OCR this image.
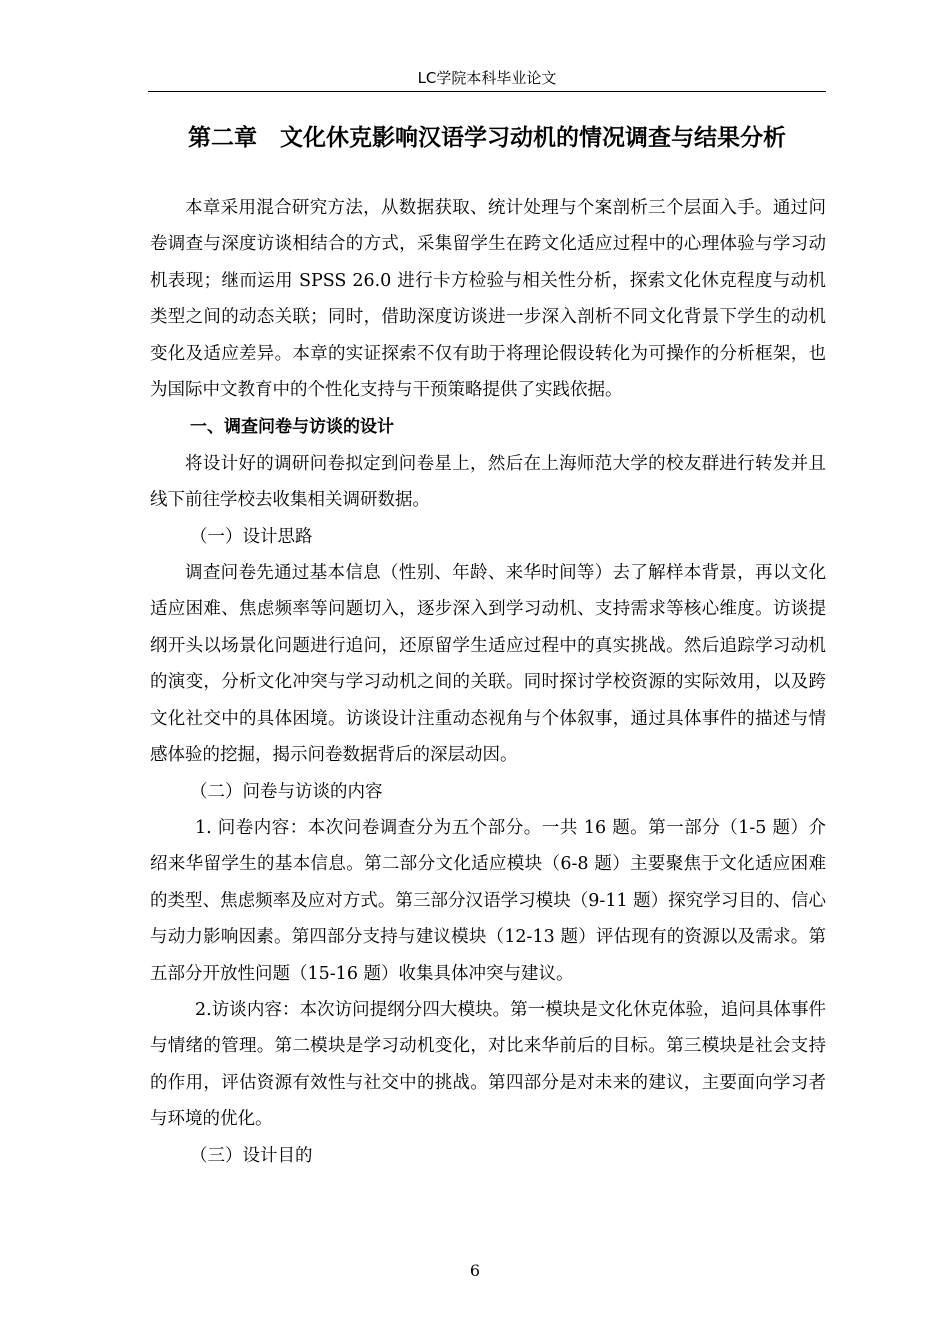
LC学院本科毕业论文
第二章　文化休克影响汉语学习动机的情况调查与结果分析

本章采用混合研究方法，从数据获取、统计处理与个案剖析三个层面入手。通过问卷调查与深度访谈相结合的方式，采集留学生在跨文化适应过程中的心理体验与学习动机表现；继而运用 SPSS 26.0 进行卡方检验与相关性分析，探索文化休克程度与动机类型之间的动态关联；同时，借助深度访谈进一步深入剖析不同文化背景下学生的动机变化及适应差异。本章的实证探索不仅有助于将理论假设转化为可操作的分析框架，也为国际中文教育中的个性化支持与干预策略提供了实践依据。

一、调查问卷与访谈的设计

将设计好的调研问卷拟定到问卷星上，然后在上海师范大学的校友群进行转发并且线下前往学校去收集相关调研数据。

（一）设计思路

调查问卷先通过基本信息（性别、年龄、来华时间等）去了解样本背景，再以文化适应困难、焦虑频率等问题切入，逐步深入到学习动机、支持需求等核心维度。访谈提纲开头以场景化问题进行追问，还原留学生适应过程中的真实挑战。然后追踪学习动机的演变，分析文化冲突与学习动机之间的关联。同时探讨学校资源的实际效用，以及跨文化社交中的具体困境。访谈设计注重动态视角与个体叙事，通过具体事件的描述与情感体验的挖掘，揭示问卷数据背后的深层动因。

（二）问卷与访谈的内容

1. 问卷内容：本次问卷调查分为五个部分。一共 16 题。第一部分（1-5 题）介绍来华留学生的基本信息。第二部分文化适应模块（6-8 题）主要聚焦于文化适应困难的类型、焦虑频率及应对方式。第三部分汉语学习模块（9-11 题）探究学习目的、信心与动力影响因素。第四部分支持与建议模块（12-13 题）评估现有的资源以及需求。第五部分开放性问题（15-16 题）收集具体冲突与建议。

2.访谈内容：本次访问提纲分四大模块。第一模块是文化休克体验，追问具体事件与情绪的管理。第二模块是学习动机变化，对比来华前后的目标。第三模块是社会支持的作用，评估资源有效性与社交中的挑战。第四部分是对未来的建议，主要面向学习者与环境的优化。

（三）设计目的

6
